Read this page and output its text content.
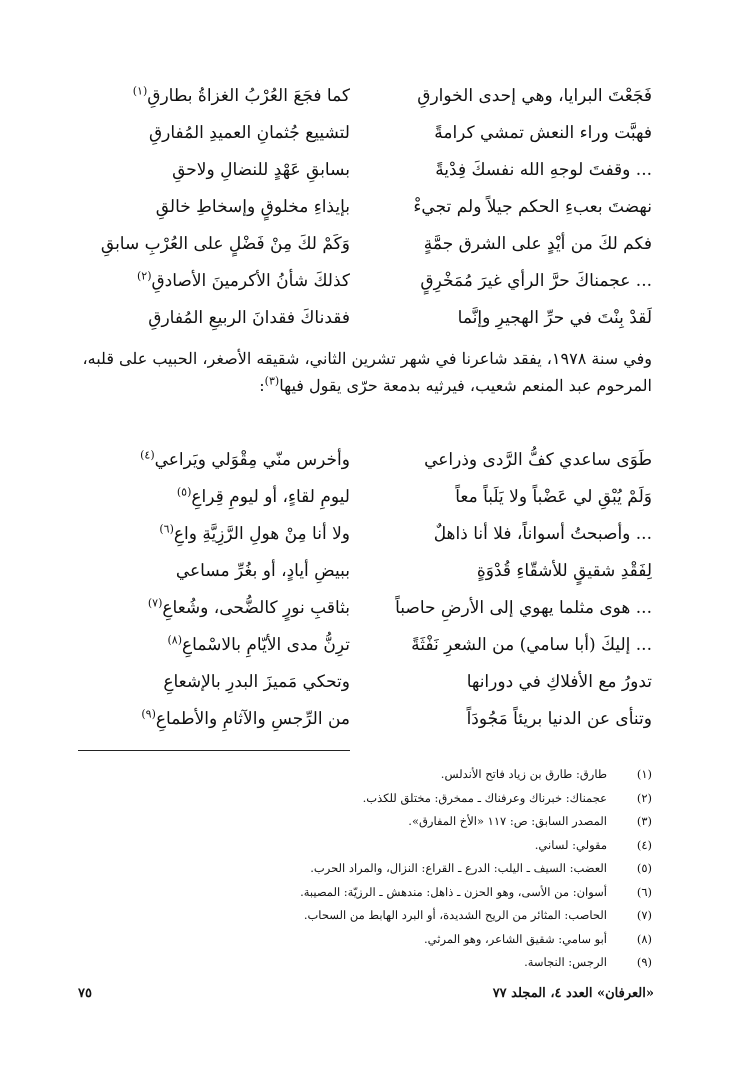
فَجَعْتَ البرايا، وهي إحدى الخوارقِ
كما فجَعَ العُرْبُ الغزاةُ بطارقِ$^{(١)}$
فهبَّت وراء النعش تمشي كرامةً
لتشييع جُثمانِ العميدِ المُفارقِ
... وقفتَ لوجهِ الله نفسكَ فِدْيةً
بسابقِ عَهْدٍ للنضالِ ولاحقِ
نهضتَ بعبءِ الحكم جيلاً ولم تجيءْ
بإيذاءِ مخلوقٍ وإسخاطِ خالقِ
فكم لكَ من أيْدٍ على الشرق جمَّةٍ
وَكَمْ لكَ مِنْ فَضْلٍ على العُرْبِ سابقِ
... عجمناكَ حرَّ الرأي غيرَ مُمَخْرِقٍ
كذلكَ شأنُ الأكرمينَ الأصادقِ$^{(٢)}$
لَقدْ بِنْتَ في حرِّ الهجيرِ وإنَّما
فقدناكَ فقدانَ الربيعِ المُفارقِ

وفي سنة ١٩٧٨، يفقد شاعرنا في شهر تشرين الثاني، شقيقه الأصغر، الحبيب على قلبه، المرحوم عبد المنعم شعيب، فيرثيه بدمعة حرّى يقول فيها$^{(٣)}$:

طَوَى ساعدي كفُّ الرَّدى وذراعي
وأخرس منّي مِقْوَلي ويَراعي$^{(٤)}$
وَلَمْ يُبْقِ لي عَضْباً ولا يَلَباً معاً
ليومِ لقاءٍ، أو ليومِ قِراعِ$^{(٥)}$
... وأصبحتُ أسواناً، فلا أنا ذاهلٌ
ولا أنا مِنْ هولِ الرَّزِيَّةِ واعِ$^{(٦)}$
لِفَقْدِ شقيقٍ للأشقّاءِ قُدْوَةٍ
ببيضِ أيادٍ، أو بغُرِّ مساعي
... هوى مثلما يهوي إلى الأرضِ حاصباً
بثاقبِ نورٍ كالضُّحى، وشُعاعِ$^{(٧)}$
... إليكَ (أبا سامي) من الشعرِ نَفْثَةً
ترِنُّ مدى الأيّامِ بالاسْماعِ$^{(٨)}$
تدورُ مع الأفلاكِ في دورانها
وتحكي مَميزَ البدرِ بالإشعاعِ
وتنأى عن الدنيا بريئاً مَجُودَاً
من الرِّجسِ والآثامِ والأطماعِ$^{(٩)}$
(١)
طارق: طارق بن زياد فاتح الأندلس.
(٢)
عجمناك: خبرناك وعرفناك ـ ممخرق: مختلق للكذب.
(٣)
المصدر السابق: ص: ١١٧ «الأخ المفارق».
(٤)
مقولي: لساني.
(٥)
العضب: السيف ـ اليلب: الدرع ـ القراع: النزال، والمراد الحرب.
(٦)
أسوان: من الأسى، وهو الحزن ـ ذاهل: مندهش ـ الرزيّة: المصيبة.
(٧)
الحاصب: المثائر من الريح الشديدة، أو البرد الهابط من السحاب.
(٨)
أبو سامي: شقيق الشاعر، وهو المرثي.
(٩)
الرجس: النجاسة.
«العرفان» العدد ٤، المجلد ٧٧
٧٥
